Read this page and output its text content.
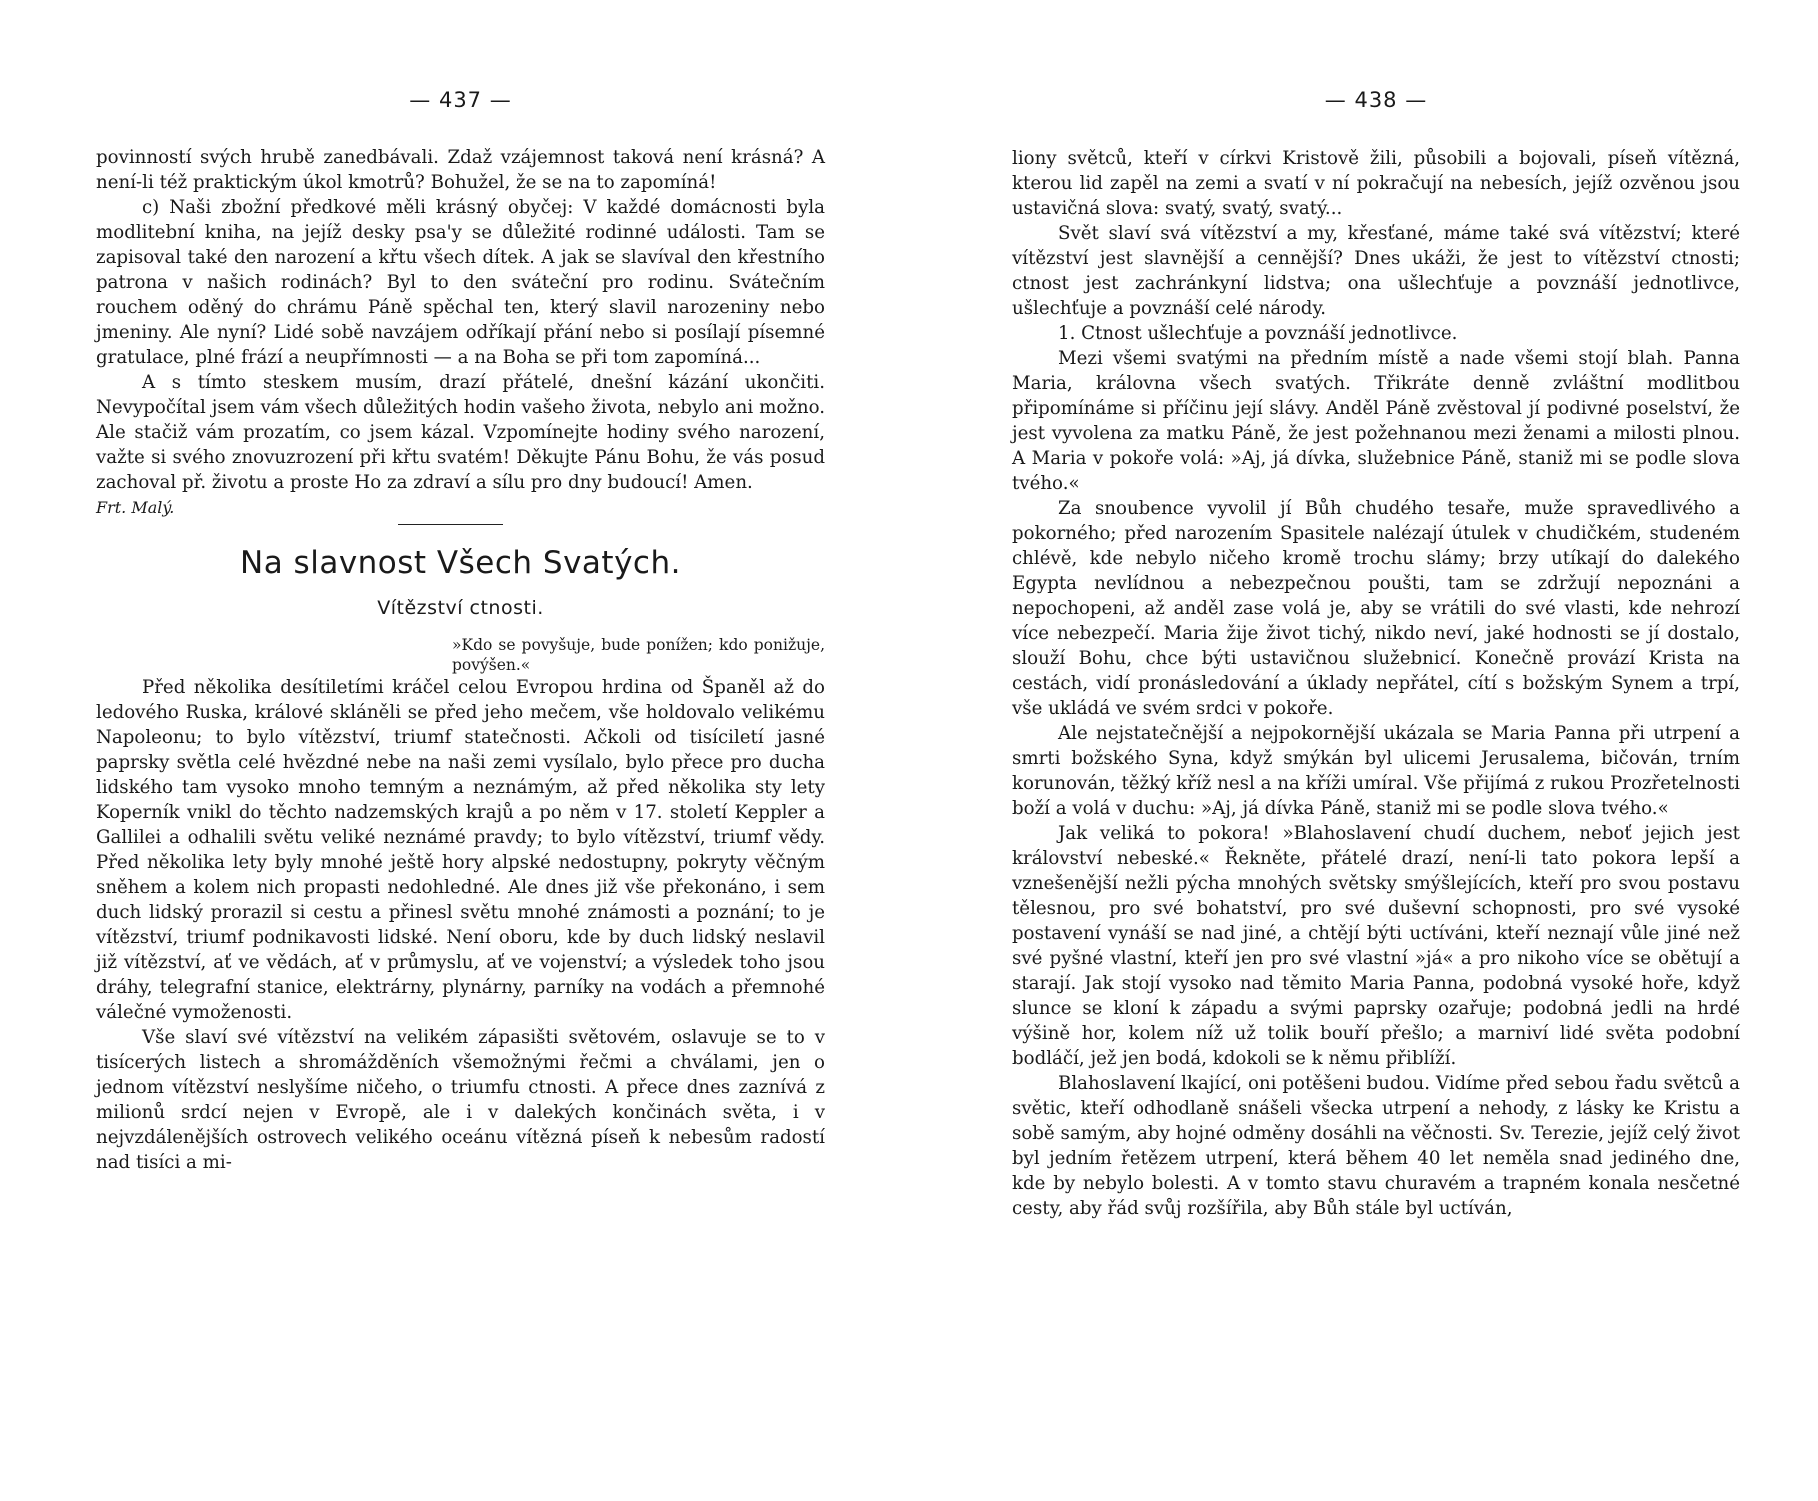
— 437 —

povinností svých hrubě zanedbávali. Zdaž vzájemnost taková není krásná? A není-li též praktickým úkol kmotrů? Bohužel, že se na to zapomíná!

c) Naši zbožní předkové měli krásný obyčej: V každé domácnosti byla modlitební kniha, na jejíž desky psa'y se důležité rodinné události. Tam se zapisoval také den narození a křtu všech dítek. A jak se slavíval den křestního patrona v našich rodinách? Byl to den sváteční pro rodinu. Svátečním rouchem oděný do chrámu Páně spěchal ten, který slavil narozeniny nebo jmeniny. Ale nyní? Lidé sobě navzájem odříkají přání nebo si posílají písemné gratulace, plné frází a neupřímnosti — a na Boha se při tom zapomíná...

A s tímto steskem musím, drazí přátelé, dnešní kázání ukončiti. Nevypočítal jsem vám všech důležitých hodin vašeho života, nebylo ani možno. Ale stačiž vám prozatím, co jsem kázal. Vzpomínejte hodiny svého narození, važte si svého znovuzrození při křtu svatém! Děkujte Pánu Bohu, že vás posud zachoval př. životu a proste Ho za zdraví a sílu pro dny budoucí! Amen.

Frt. Malý.

Na slavnost Všech Svatých.
Vítězství ctnosti.
»Kdo se povyšuje, bude ponížen; kdo ponižuje, povýšen.«

Před několika desítiletími kráčel celou Evropou hrdina od Španěl až do ledového Ruska, králové skláněli se před jeho mečem, vše holdovalo velikému Napoleonu; to bylo vítězství, triumf statečnosti. Ačkoli od tisíciletí jasné paprsky světla celé hvězdné nebe na naši zemi vysílalo, bylo přece pro ducha lidského tam vysoko mnoho temným a neznámým, až před několika sty lety Koperník vnikl do těchto nadzemských krajů a po něm v 17. století Keppler a Gallilei a odhalili světu veliké neznámé pravdy; to bylo vítězství, triumf vědy. Před několika lety byly mnohé ještě hory alpské nedostupny, pokryty věčným sněhem a kolem nich propasti nedohledné. Ale dnes již vše překonáno, i sem duch lidský prorazil si cestu a přinesl světu mnohé známosti a poznání; to je vítězství, triumf podnikavosti lidské. Není oboru, kde by duch lidský neslavil již vítězství, ať ve vědách, ať v průmyslu, ať ve vojenství; a výsledek toho jsou dráhy, telegrafní stanice, elektrárny, plynárny, parníky na vodách a přemnohé válečné vymoženosti.

Vše slaví své vítězství na velikém zápasišti světovém, oslavuje se to v tisícerých listech a shromážděních všemožnými řečmi a chválami, jen o jednom vítězství neslyšíme ničeho, o triumfu ctnosti. A přece dnes zaznívá z milionů srdcí nejen v Evropě, ale i v dalekých končinách světa, i v nejvzdálenějších ostrovech velikého oceánu vítězná píseň k nebesům radostí nad tisíci a mi-

— 438 —

liony světců, kteří v církvi Kristově žili, působili a bojovali, píseň vítězná, kterou lid zapěl na zemi a svatí v ní pokračují na nebesích, jejíž ozvěnou jsou ustavičná slova: svatý, svatý, svatý...

Svět slaví svá vítězství a my, křesťané, máme také svá vítězství; které vítězství jest slavnější a cennější? Dnes ukáži, že jest to vítězství ctnosti; ctnost jest zachránkyní lidstva; ona ušlechťuje a povznáší jednotlivce, ušlechťuje a povznáší celé národy.

1. Ctnost ušlechťuje a povznáší jednotlivce.

Mezi všemi svatými na předním místě a nade všemi stojí blah. Panna Maria, královna všech svatých. Třikráte denně zvláštní modlitbou připomínáme si příčinu její slávy. Anděl Páně zvěstoval jí podivné poselství, že jest vyvolena za matku Páně, že jest požehnanou mezi ženami a milosti plnou. A Maria v pokoře volá: »Aj, já dívka, služebnice Páně, staniž mi se podle slova tvého.«

Za snoubence vyvolil jí Bůh chudého tesaře, muže spravedlivého a pokorného; před narozením Spasitele nalézají útulek v chudičkém, studeném chlévě, kde nebylo ničeho kromě trochu slámy; brzy utíkají do dalekého Egypta nevlídnou a nebezpečnou poušti, tam se zdržují nepoznáni a nepochopeni, až anděl zase volá je, aby se vrátili do své vlasti, kde nehrozí více nebezpečí. Maria žije život tichý, nikdo neví, jaké hodnosti se jí dostalo, slouží Bohu, chce býti ustavičnou služebnicí. Konečně provází Krista na cestách, vidí pronásledování a úklady nepřátel, cítí s božským Synem a trpí, vše ukládá ve svém srdci v pokoře.

Ale nejstatečnější a nejpokornější ukázala se Maria Panna při utrpení a smrti božského Syna, když smýkán byl ulicemi Jerusalema, bičován, trním korunován, těžký kříž nesl a na kříži umíral. Vše přijímá z rukou Prozřetelnosti boží a volá v duchu: »Aj, já dívka Páně, staniž mi se podle slova tvého.«

Jak veliká to pokora! »Blahoslavení chudí duchem, neboť jejich jest království nebeské.« Řekněte, přátelé drazí, není-li tato pokora lepší a vznešenější nežli pýcha mnohých světsky smýšlejících, kteří pro svou postavu tělesnou, pro své bohatství, pro své duševní schopnosti, pro své vysoké postavení vynáší se nad jiné, a chtějí býti uctíváni, kteří neznají vůle jiné než své pyšné vlastní, kteří jen pro své vlastní »já« a pro nikoho více se obětují a starají. Jak stojí vysoko nad těmito Maria Panna, podobná vysoké hoře, když slunce se kloní k západu a svými paprsky ozařuje; podobná jedli na hrdé výšině hor, kolem níž už tolik bouří přešlo; a marniví lidé světa podobní bodláčí, jež jen bodá, kdokoli se k němu přiblíží.

Blahoslavení lkající, oni potěšeni budou. Vidíme před sebou řadu světců a světic, kteří odhodlaně snášeli všecka utrpení a nehody, z lásky ke Kristu a sobě samým, aby hojné odměny dosáhli na věčnosti. Sv. Terezie, jejíž celý život byl jedním řetězem utrpení, která během 40 let neměla snad jediného dne, kde by nebylo bolesti. A v tomto stavu churavém a trapném konala nesčetné cesty, aby řád svůj rozšířila, aby Bůh stále byl uctíván,
